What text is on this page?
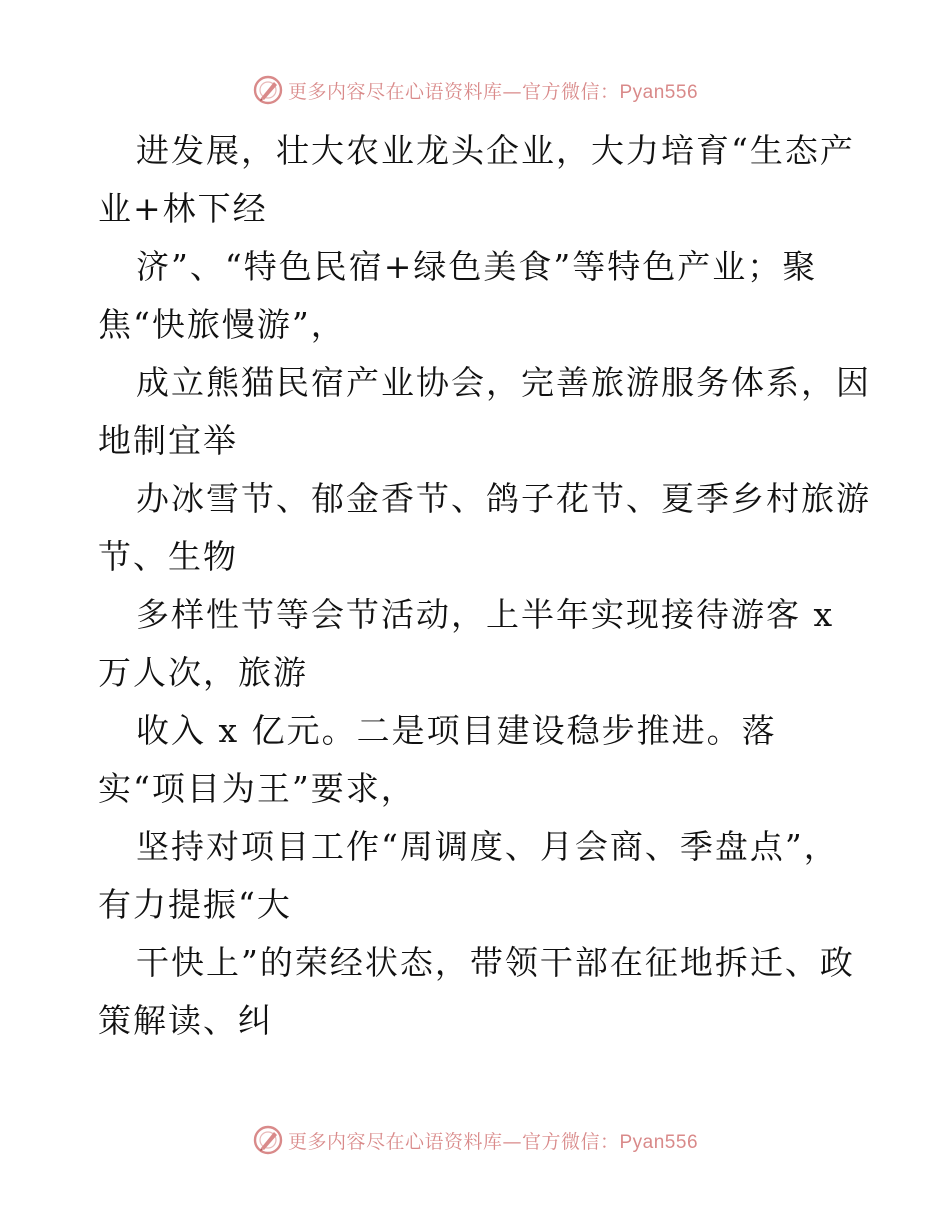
更多内容尽在心语资料库—官方微信：Pyan556
进发展，壮大农业龙头企业，大力培育“生态产
业+林下经
济”、“特色民宿+绿色美食”等特色产业；聚
焦“快旅慢游”，
成立熊猫民宿产业协会，完善旅游服务体系，因
地制宜举
办冰雪节、郁金香节、鸽子花节、夏季乡村旅游
节、生物
多样性节等会节活动，上半年实现接待游客 x
万人次，旅游
收入 x 亿元。二是项目建设稳步推进。落
实“项目为王”要求，
坚持对项目工作“周调度、月会商、季盘点”，
有力提振“大
干快上”的荣经状态，带领干部在征地拆迁、政
策解读、纠
更多内容尽在心语资料库—官方微信：Pyan556
